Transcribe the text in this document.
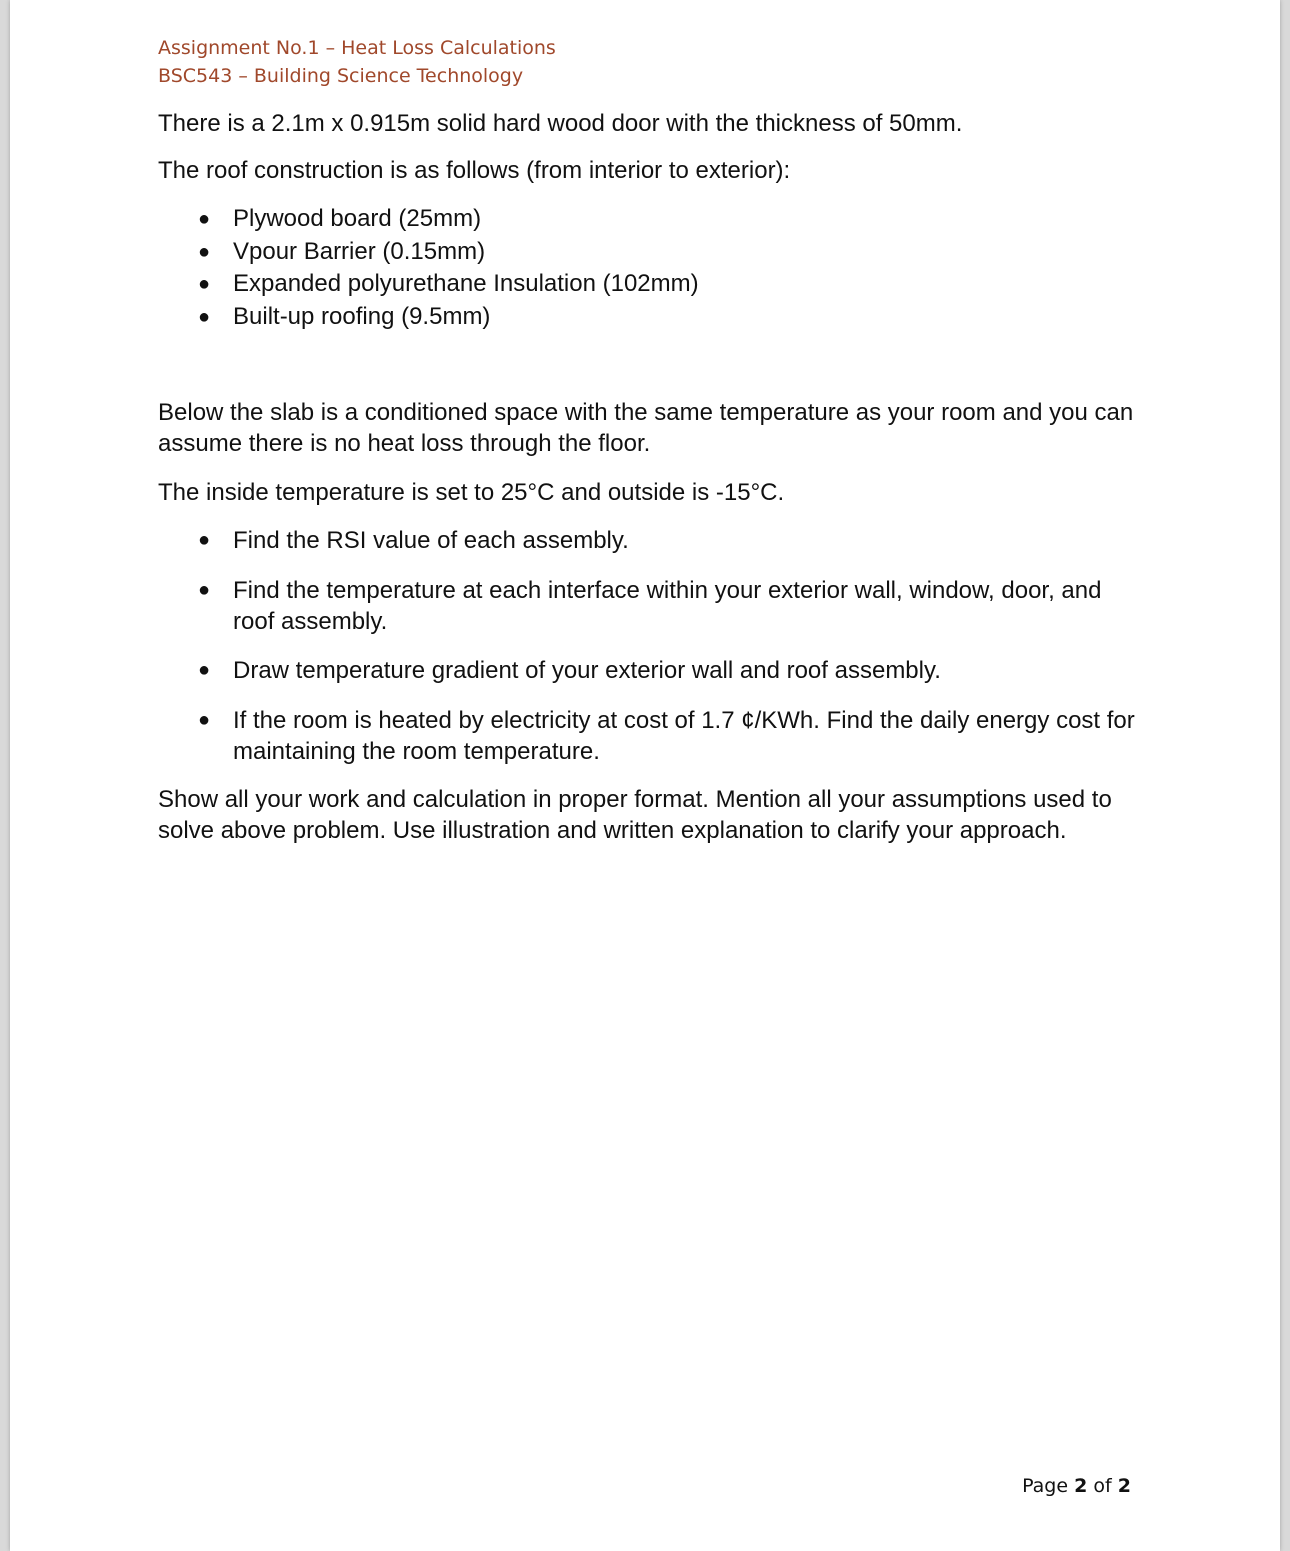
Assignment No.1 – Heat Loss Calculations
BSC543 – Building Science Technology
There is a 2.1m x 0.915m solid hard wood door with the thickness of 50mm.
The roof construction is as follows (from interior to exterior):
● Plywood board (25mm)
● Vpour Barrier (0.15mm)
● Expanded polyurethane Insulation (102mm)
● Built-up roofing (9.5mm)
Below the slab is a conditioned space with the same temperature as your room and you can assume there is no heat loss through the floor.
The inside temperature is set to 25°C and outside is -15°C.
● Find the RSI value of each assembly.
● Find the temperature at each interface within your exterior wall, window, door, and roof assembly.
● Draw temperature gradient of your exterior wall and roof assembly.
● If the room is heated by electricity at cost of 1.7 ¢/KWh. Find the daily energy cost for maintaining the room temperature.
Show all your work and calculation in proper format. Mention all your assumptions used to solve above problem. Use illustration and written explanation to clarify your approach.
Page 2 of 2
